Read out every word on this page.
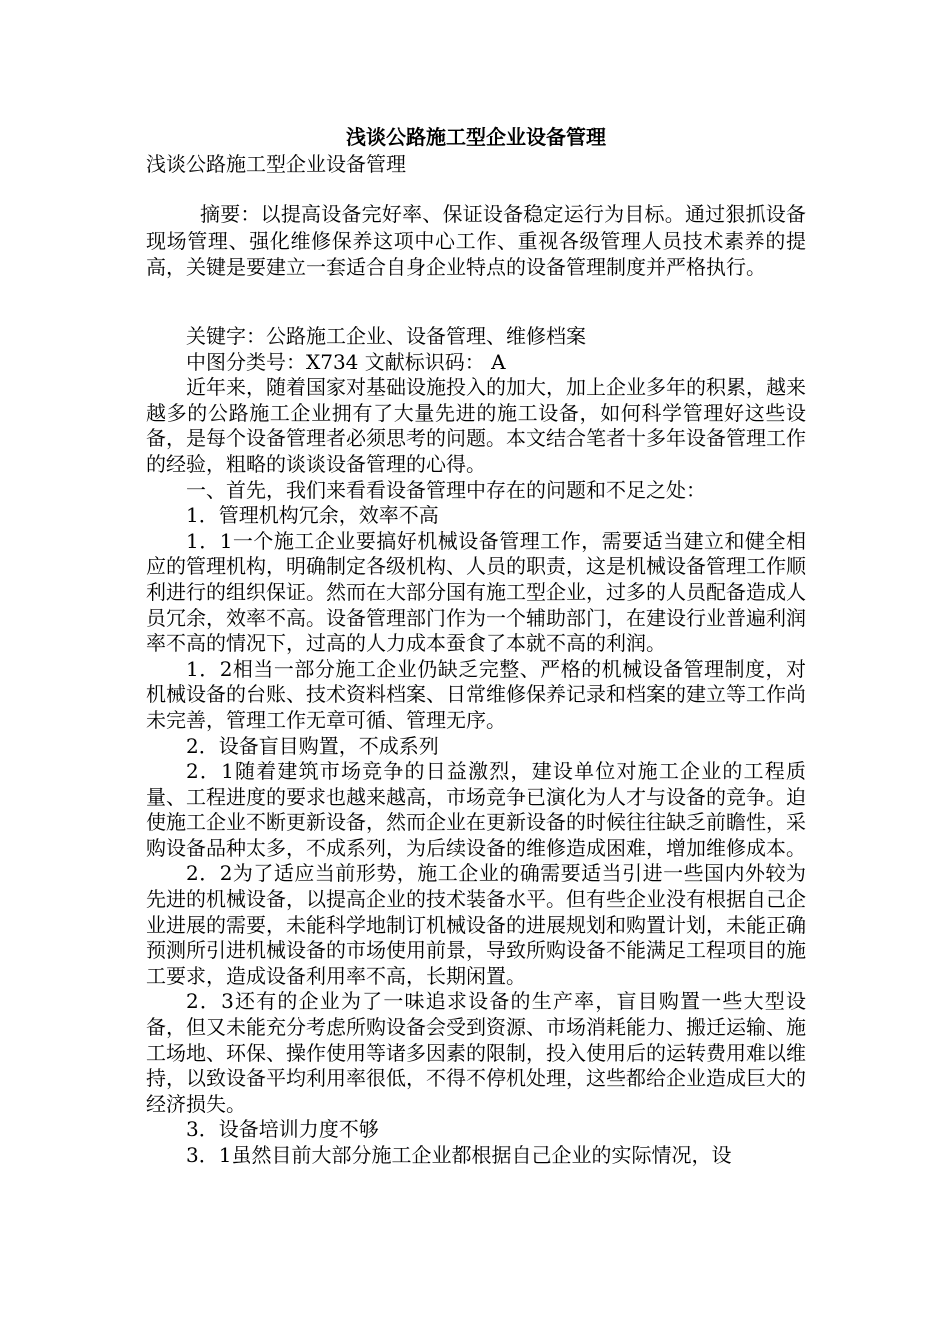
浅谈公路施工型企业设备管理
浅谈公路施工型企业设备管理

摘要：以提高设备完好率、保证设备稳定运行为目标。通过狠抓设备现场管理、强化维修保养这项中心工作、重视各级管理人员技术素养的提高，关键是要建立一套适合自身企业特点的设备管理制度并严格执行。

关键字：公路施工企业、设备管理、维修档案

中图分类号：X734 文献标识码： A

近年来，随着国家对基础设施投入的加大，加上企业多年的积累，越来越多的公路施工企业拥有了大量先进的施工设备，如何科学管理好这些设备，是每个设备管理者必须思考的问题。本文结合笔者十多年设备管理工作的经验，粗略的谈谈设备管理的心得。

一、首先，我们来看看设备管理中存在的问题和不足之处：

1．管理机构冗余，效率不高

1．1一个施工企业要搞好机械设备管理工作，需要适当建立和健全相应的管理机构，明确制定各级机构、人员的职责，这是机械设备管理工作顺利进行的组织保证。然而在大部分国有施工型企业，过多的人员配备造成人员冗余，效率不高。设备管理部门作为一个辅助部门，在建设行业普遍利润率不高的情况下，过高的人力成本蚕食了本就不高的利润。

1．2相当一部分施工企业仍缺乏完整、严格的机械设备管理制度，对机械设备的台账、技术资料档案、日常维修保养记录和档案的建立等工作尚未完善，管理工作无章可循、管理无序。

2．设备盲目购置，不成系列

2．1随着建筑市场竞争的日益激烈，建设单位对施工企业的工程质量、工程进度的要求也越来越高，市场竞争已演化为人才与设备的竞争。迫使施工企业不断更新设备，然而企业在更新设备的时候往往缺乏前瞻性，采购设备品种太多，不成系列，为后续设备的维修造成困难，增加维修成本。

2．2为了适应当前形势，施工企业的确需要适当引进一些国内外较为先进的机械设备，以提高企业的技术装备水平。但有些企业没有根据自己企业进展的需要，未能科学地制订机械设备的进展规划和购置计划，未能正确预测所引进机械设备的市场使用前景，导致所购设备不能满足工程项目的施工要求，造成设备利用率不高，长期闲置。

2．3还有的企业为了一味追求设备的生产率，盲目购置一些大型设备，但又未能充分考虑所购设备会受到资源、市场消耗能力、搬迁运输、施工场地、环保、操作使用等诸多因素的限制，投入使用后的运转费用难以维持，以致设备平均利用率很低，不得不停机处理，这些都给企业造成巨大的经济损失。

3．设备培训力度不够

3．1虽然目前大部分施工企业都根据自己企业的实际情况，设
